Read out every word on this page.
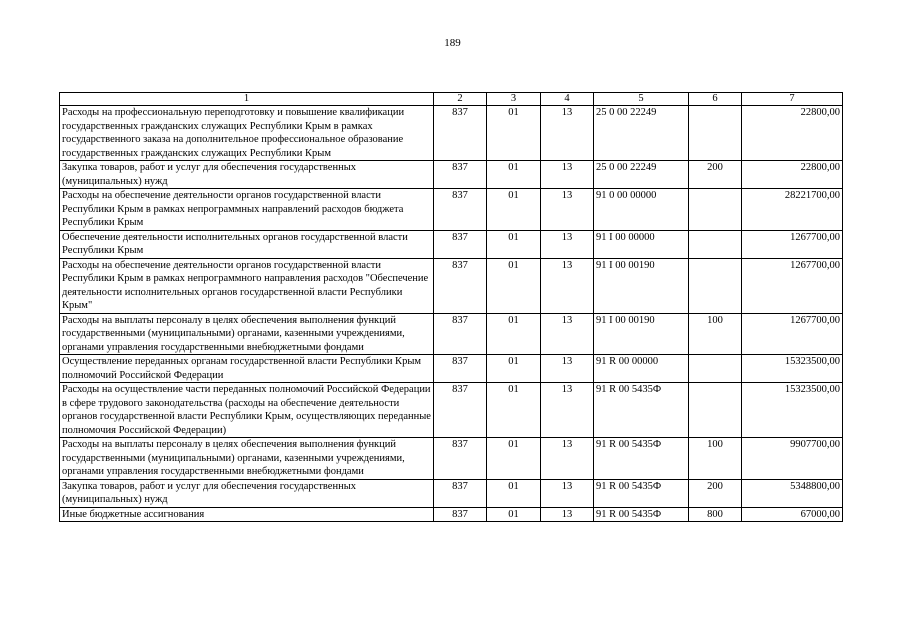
189
1	2	3	4	5	6	7
Расходы на профессиональную переподготовку и повышение квалификации государственных гражданских служащих Республики Крым в рамках государственного заказа на дополнительное профессиональное образование государственных гражданских служащих Республики Крым	837	01	13	25 0 00 22249		22800,00
Закупка товаров, работ и услуг для обеспечения государственных (муниципальных) нужд	837	01	13	25 0 00 22249	200	22800,00
Расходы на обеспечение деятельности органов государственной власти Республики Крым в рамках непрограммных направлений расходов бюджета Республики Крым	837	01	13	91 0 00 00000		28221700,00
Обеспечение деятельности исполнительных органов государственной власти Республики Крым	837	01	13	91 I 00 00000		1267700,00
Расходы на обеспечение деятельности органов государственной власти Республики Крым в рамках непрограммного направления расходов "Обеспечение деятельности исполнительных органов государственной власти Республики Крым"	837	01	13	91 I 00 00190		1267700,00
Расходы на выплаты персоналу в целях обеспечения выполнения функций государственными (муниципальными) органами, казенными учреждениями, органами управления государственными внебюджетными фондами	837	01	13	91 I 00 00190	100	1267700,00
Осуществление переданных органам государственной власти Республики Крым полномочий Российской Федерации	837	01	13	91 R 00 00000		15323500,00
Расходы на осуществление части переданных полномочий Российской Федерации в сфере трудового законодательства (расходы на обеспечение деятельности органов государственной власти Республики Крым, осуществляющих переданные полномочия Российской Федерации)	837	01	13	91 R 00 5435Ф		15323500,00
Расходы на выплаты персоналу в целях обеспечения выполнения функций государственными (муниципальными) органами, казенными учреждениями, органами управления государственными внебюджетными фондами	837	01	13	91 R 00 5435Ф	100	9907700,00
Закупка товаров, работ и услуг для обеспечения государственных (муниципальных) нужд	837	01	13	91 R 00 5435Ф	200	5348800,00
Иные бюджетные ассигнования	837	01	13	91 R 00 5435Ф	800	67000,00
